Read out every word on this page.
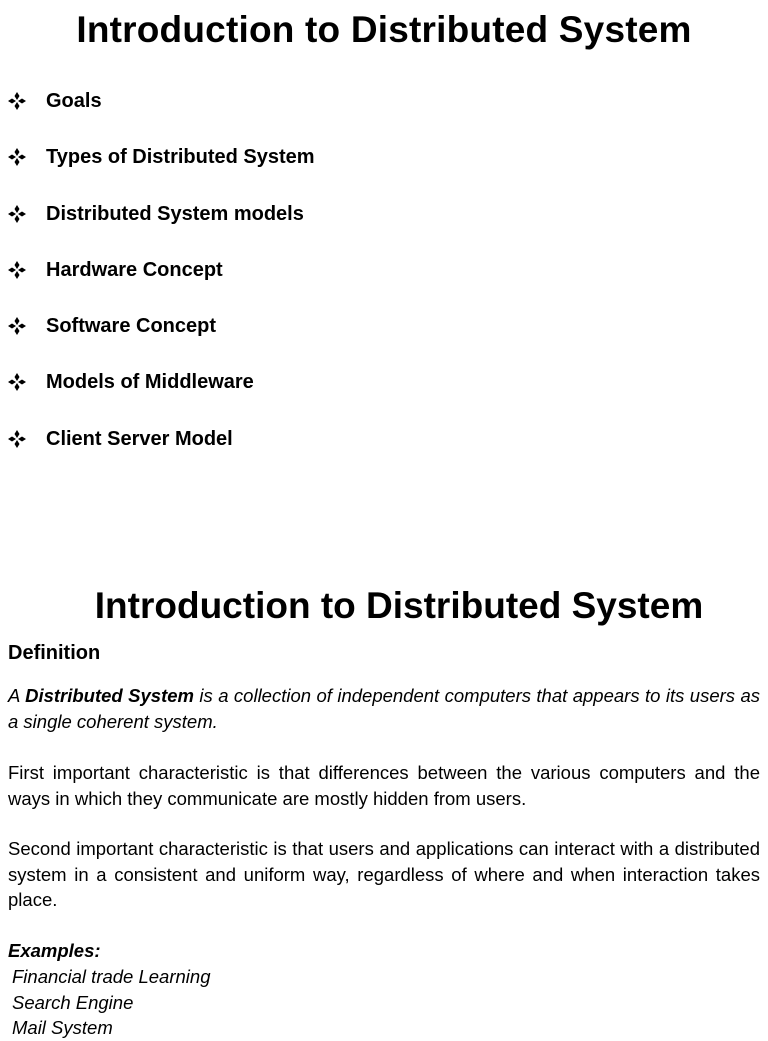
Introduction to Distributed System
Goals
Types of Distributed System
Distributed System models
Hardware Concept
Software Concept
Models of Middleware
Client Server Model
Introduction to Distributed System
Definition
A Distributed System is a collection of independent computers that appears to its users as a single coherent system.
First important characteristic is that differences between the various computers and the ways in which they communicate are mostly hidden from users.
Second important characteristic is that users and applications can interact with a distributed system in a consistent and uniform way, regardless of where and when interaction takes place.
Examples:
Financial trade Learning
Search Engine
Mail System
